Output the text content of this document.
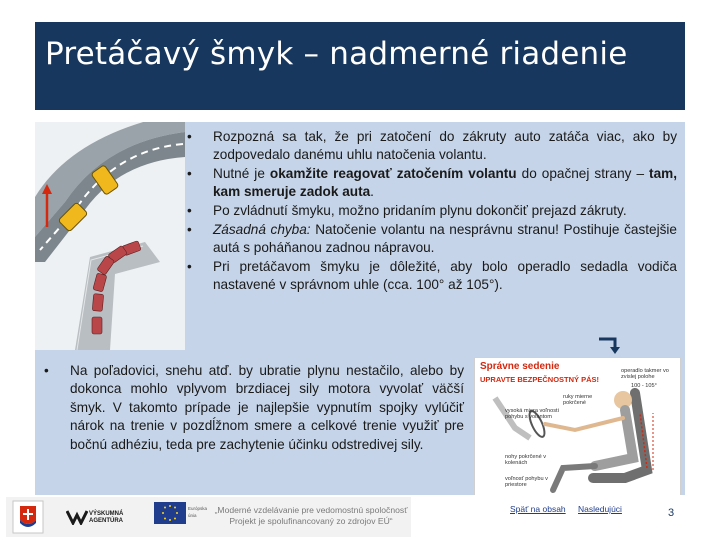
Pretáčavý šmyk – nadmerné riadenie
• Rozpozná sa tak, že pri zatočení do zákruty auto zatáča viac, ako by zodpovedalo danému uhlu natočenia volantu.
• Nutné je okamžite reagovať zatočením volantu do opačnej strany – tam, kam smeruje zadok auta.
• Po zvládnutí šmyku, možno pridaním plynu dokončiť prejazd zákruty.
• Zásadná chyba: Natočenie volantu na nesprávnu stranu! Postihuje častejšie autá s poháňanou zadnou nápravou.
• Pri pretáčavom šmyku je dôležité, aby bolo operadlo sedadla vodiča nastavené v správnom uhle (cca. 100° až 105°).
• Na poľadovici, snehu atď. by ubratie plynu nestačilo, alebo by dokonca mohlo vplyvom brzdiacej sily motora vyvolať väčší šmyk. V takomto prípade je najlepšie vypnutím spojky vylúčiť nárok na trenie v pozdĺžnom smere a celkové trenie využiť pre bočnú adhéziu, teda pre zachytenie účinku odstredivej sily.
Správne sedenie
UPRAVTE BEZPEČNOSTNÝ PÁS!
operadlo takmer vo zvislej polohe
100 - 105°
ruky mierne pokrčené
vysoká miera voľnosti pohybu s volantom
nohy pokrčené v kolenách
voľnosť pohybu v priestore
VÝSKUMNÁ AGENTÚRA
Európska únia
„Moderné vzdelávanie pre vedomostnú spoločnosť Projekt je spolufinancovaný zo zdrojov EÚ“
Späť na obsah Nasledujúci	3
